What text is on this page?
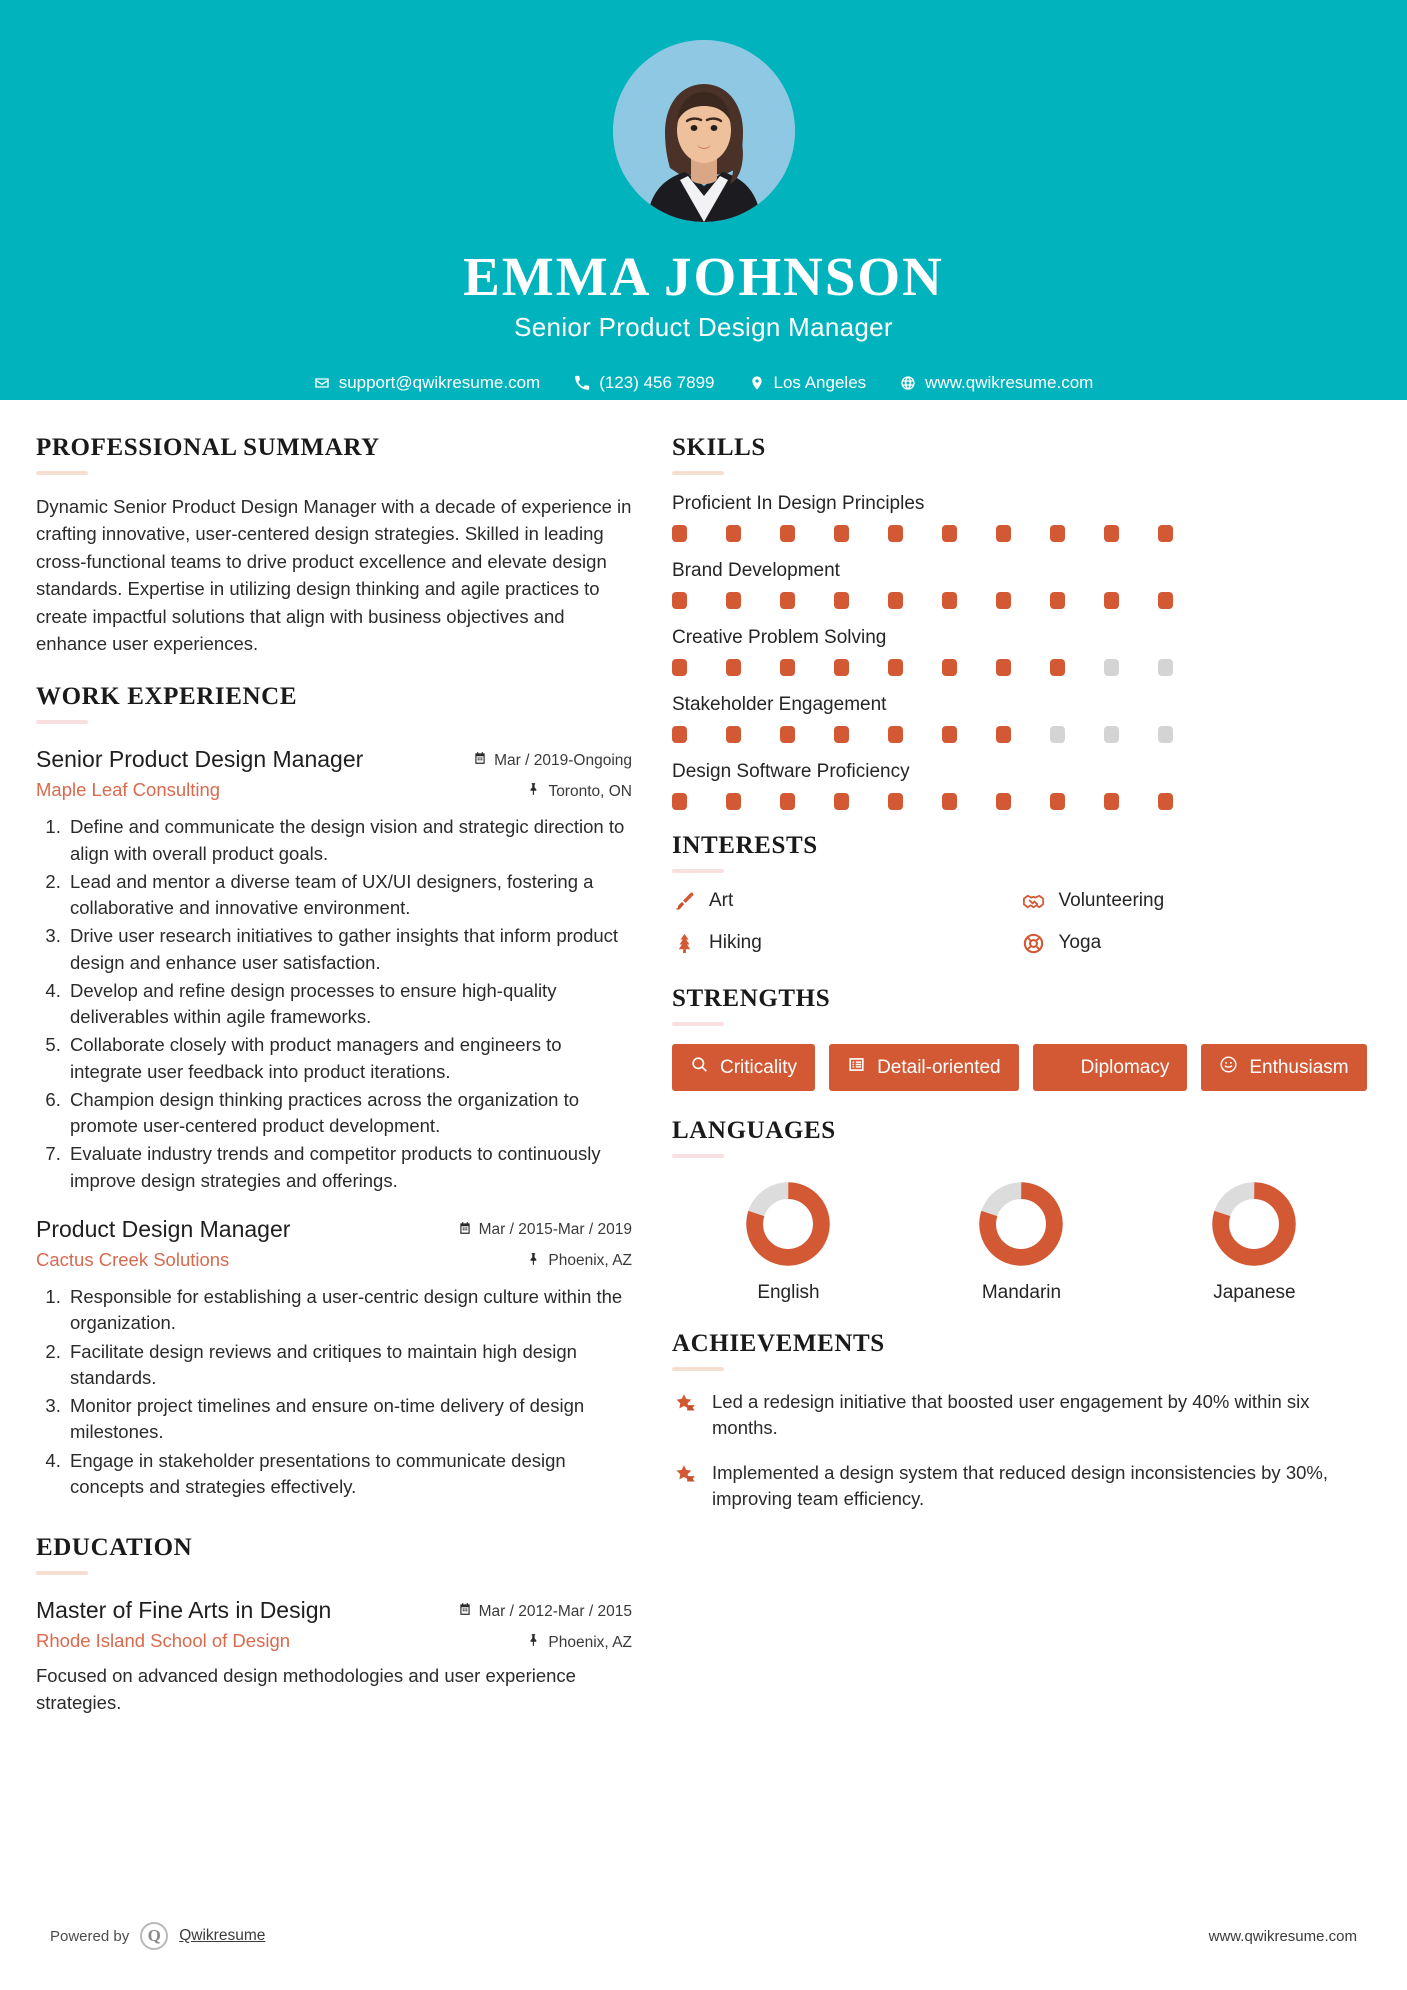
EMMA JOHNSON
Senior Product Design Manager
support@qwikresume.com	(123) 456 7899	Los Angeles	www.qwikresume.com
PROFESSIONAL SUMMARY
Dynamic Senior Product Design Manager with a decade of experience in crafting innovative, user-centered design strategies. Skilled in leading cross-functional teams to drive product excellence and elevate design standards. Expertise in utilizing design thinking and agile practices to create impactful solutions that align with business objectives and enhance user experiences.
WORK EXPERIENCE
Senior Product Design Manager
Maple Leaf Consulting
Mar / 2019-Ongoing
Toronto, ON
1. Define and communicate the design vision and strategic direction to align with overall product goals.
2. Lead and mentor a diverse team of UX/UI designers, fostering a collaborative and innovative environment.
3. Drive user research initiatives to gather insights that inform product design and enhance user satisfaction.
4. Develop and refine design processes to ensure high-quality deliverables within agile frameworks.
5. Collaborate closely with product managers and engineers to integrate user feedback into product iterations.
6. Champion design thinking practices across the organization to promote user-centered product development.
7. Evaluate industry trends and competitor products to continuously improve design strategies and offerings.
Product Design Manager
Cactus Creek Solutions
Mar / 2015-Mar / 2019
Phoenix, AZ
1. Responsible for establishing a user-centric design culture within the organization.
2. Facilitate design reviews and critiques to maintain high design standards.
3. Monitor project timelines and ensure on-time delivery of design milestones.
4. Engage in stakeholder presentations to communicate design concepts and strategies effectively.
EDUCATION
Master of Fine Arts in Design
Rhode Island School of Design
Mar / 2012-Mar / 2015
Phoenix, AZ
Focused on advanced design methodologies and user experience strategies.
SKILLS
Proficient In Design Principles
Brand Development
Creative Problem Solving
Stakeholder Engagement
Design Software Proficiency
INTERESTS
Art	Volunteering
Hiking	Yoga
STRENGTHS
Criticality	Detail-oriented	Diplomacy	Enthusiasm
LANGUAGES
English	Mandarin	Japanese
ACHIEVEMENTS
Led a redesign initiative that boosted user engagement by 40% within six months.
Implemented a design system that reduced design inconsistencies by 30%, improving team efficiency.
Powered by	Q	Qwikresume	www.qwikresume.com
